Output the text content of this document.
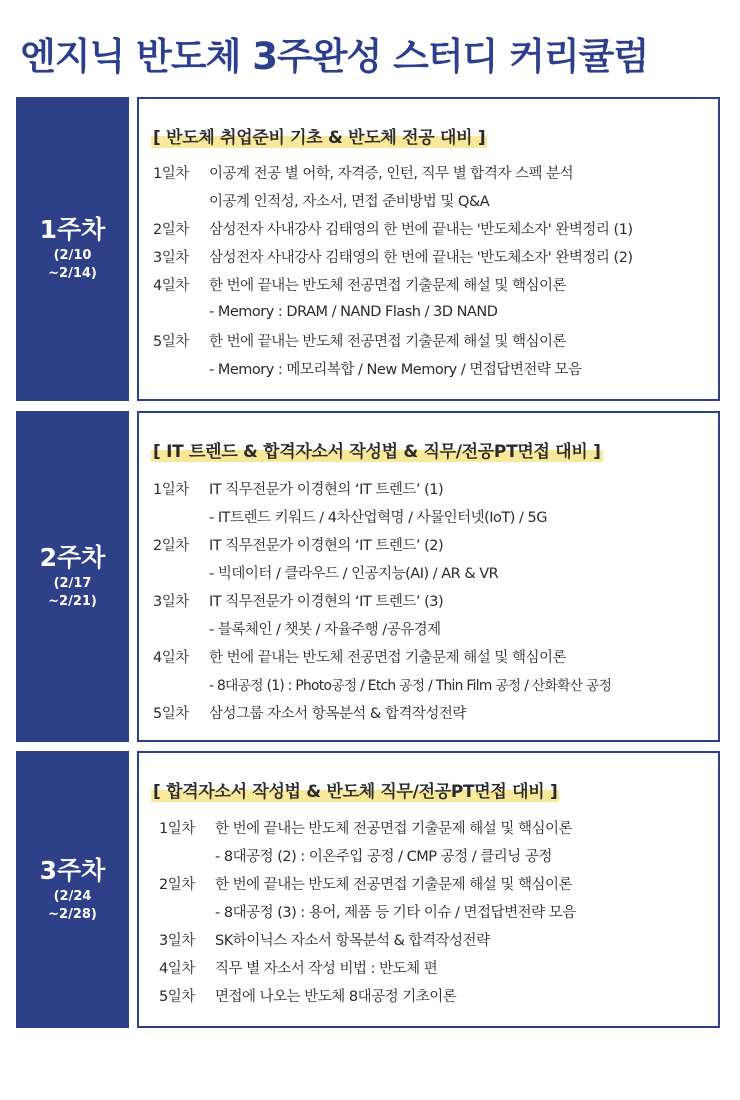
엔지닉 반도체 3주완성 스터디 커리큘럼
1주차
(2/10
~2/14)
[ 반도체 취업준비 기초 & 반도체 전공 대비 ]
1일차	이공계 전공 별 어학, 자격증, 인턴, 직무 별 합격자 스펙 분석
이공계 인적성, 자소서, 면접 준비방법 및 Q&A
2일차	삼성전자 사내강사 김태영의 한 번에 끝내는 '반도체소자' 완벽정리 (1)
3일차	삼성전자 사내강사 김태영의 한 번에 끝내는 '반도체소자' 완벽정리 (2)
4일차	한 번에 끝내는 반도체 전공면접 기출문제 해설 및 핵심이론
- Memory : DRAM / NAND Flash / 3D NAND
5일차	한 번에 끝내는 반도체 전공면접 기출문제 해설 및 핵심이론
- Memory : 메모리복합 / New Memory / 면접답변전략 모음
2주차
(2/17
~2/21)
[ IT 트렌드 & 합격자소서 작성법 & 직무/전공PT면접 대비 ]
1일차	IT 직무전문가 이경현의 ‘IT 트렌드’ (1)
- IT트렌드 키워드 / 4차산업혁명 / 사물인터넷(IoT) / 5G
2일차	IT 직무전문가 이경현의 ‘IT 트렌드’ (2)
- 빅데이터 / 클라우드 / 인공지능(AI) / AR & VR
3일차	IT 직무전문가 이경현의 ‘IT 트렌드’ (3)
- 블록체인 / 챗봇 / 자율주행 /공유경제
4일차	한 번에 끝내는 반도체 전공면접 기출문제 해설 및 핵심이론
- 8대공정 (1) : Photo공정 / Etch 공정 / Thin Film 공정 / 산화확산 공정
5일차	삼성그룹 자소서 항목분석 & 합격작성전략
3주차
(2/24
~2/28)
[ 합격자소서 작성법 & 반도체 직무/전공PT면접 대비 ]
1일차	한 번에 끝내는 반도체 전공면접 기출문제 해설 및 핵심이론
- 8대공정 (2) : 이온주입 공정 / CMP 공정 / 클리닝 공정
2일차	한 번에 끝내는 반도체 전공면접 기출문제 해설 및 핵심이론
- 8대공정 (3) : 용어, 제품 등 기타 이슈 / 면접답변전략 모음
3일차	SK하이닉스 자소서 항목분석 & 합격작성전략
4일차	직무 별 자소서 작성 비법 : 반도체 편
5일차	면접에 나오는 반도체 8대공정 기초이론
